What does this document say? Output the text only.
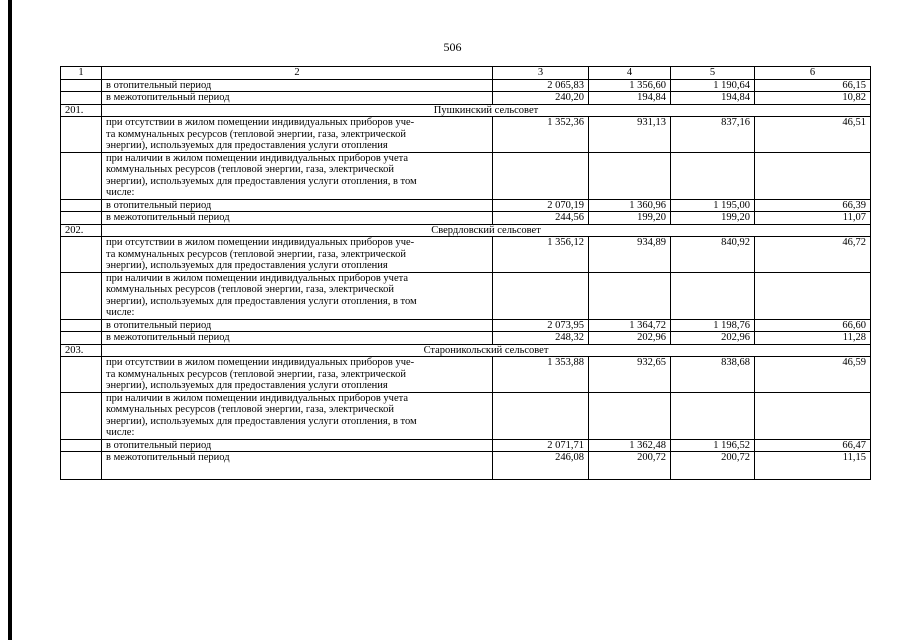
506
1	2	3	4	5	6
	в отопительный период	2 065,83	1 356,60	1 190,64	66,15
	в межотопительный период	240,20	194,84	194,84	10,82
201.	Пушкинский сельсовет				

	при отсутствии в жилом помещении индивидуальных приборов уче-
та коммунальных ресурсов (тепловой энергии, газа, электрической
энергии), используемых для предоставления услуги отопления	1 352,36	931,13	837,16	46,51

	при наличии в жилом помещении индивидуальных приборов учета
коммунальных ресурсов (тепловой энергии, газа, электрической
энергии), используемых для предоставления услуги отопления, в том
числе:				

	в отопительный период	2 070,19	1 360,96	1 195,00	66,39
	в межотопительный период	244,56	199,20	199,20	11,07
202.	Свердловский сельсовет				

	при отсутствии в жилом помещении индивидуальных приборов уче-
та коммунальных ресурсов (тепловой энергии, газа, электрической
энергии), используемых для предоставления услуги отопления	1 356,12	934,89	840,92	46,72

	при наличии в жилом помещении индивидуальных приборов учета
коммунальных ресурсов (тепловой энергии, газа, электрической
энергии), используемых для предоставления услуги отопления, в том
числе:				

	в отопительный период	2 073,95	1 364,72	1 198,76	66,60
	в межотопительный период	248,32	202,96	202,96	11,28
203.	Староникольский сельсовет				

	при отсутствии в жилом помещении индивидуальных приборов уче-
та коммунальных ресурсов (тепловой энергии, газа, электрической
энергии), используемых для предоставления услуги отопления	1 353,88	932,65	838,68	46,59

	при наличии в жилом помещении индивидуальных приборов учета
коммунальных ресурсов (тепловой энергии, газа, электрической
энергии), используемых для предоставления услуги отопления, в том
числе:				

	в отопительный период	2 071,71	1 362,48	1 196,52	66,47
	в межотопительный период	246,08	200,72	200,72	11,15
